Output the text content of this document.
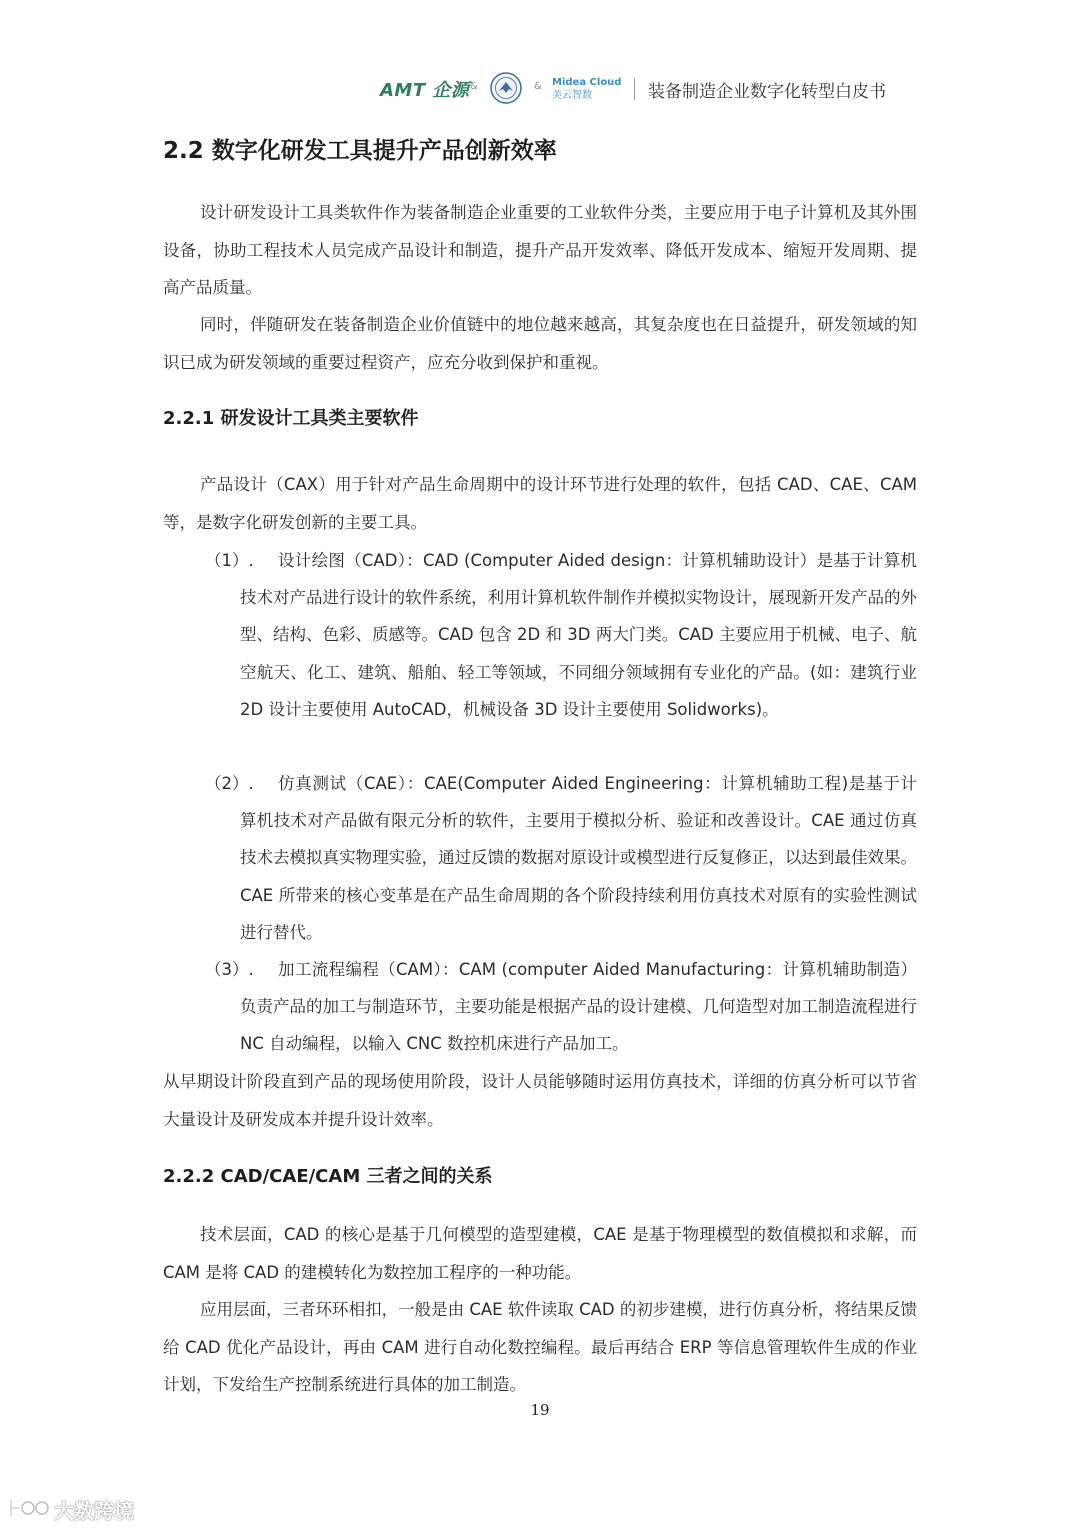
AMT 企源 &	& Midea Cloud
美云智数	装备制造企业数字化转型白皮书
2.2 数字化研发工具提升产品创新效率

设计研发设计工具类软件作为装备制造企业重要的工业软件分类，主要应用于电子计算机及其外围设备，协助工程技术人员完成产品设计和制造，提升产品开发效率、降低开发成本、缩短开发周期、提高产品质量。

同时，伴随研发在装备制造企业价值链中的地位越来越高，其复杂度也在日益提升，研发领域的知识已成为研发领域的重要过程资产，应充分收到保护和重视。

2.2.1 研发设计工具类主要软件

产品设计（CAX）用于针对产品生命周期中的设计环节进行处理的软件，包括 CAD、CAE、CAM 等，是数字化研发创新的主要工具。

（1）.	设计绘图（CAD）：CAD (Computer Aided design：计算机辅助设计）是基于计算机技术对产品进行设计的软件系统，利用计算机软件制作并模拟实物设计，展现新开发产品的外型、结构、色彩、质感等。CAD 包含 2D 和 3D 两大门类。CAD 主要应用于机械、电子、航空航天、化工、建筑、船舶、轻工等领域，不同细分领域拥有专业化的产品。(如：建筑行业 2D 设计主要使用 AutoCAD，机械设备 3D 设计主要使用 Solidworks)。
（2）.	仿真测试（CAE）：CAE(Computer Aided Engineering：计算机辅助工程)是基于计算机技术对产品做有限元分析的软件，主要用于模拟分析、验证和改善设计。CAE 通过仿真技术去模拟真实物理实验，通过反馈的数据对原设计或模型进行反复修正，以达到最佳效果。CAE 所带来的核心变革是在产品生命周期的各个阶段持续利用仿真技术对原有的实验性测试进行替代。
（3）.	加工流程编程（CAM）：CAM (computer Aided Manufacturing：计算机辅助制造）负责产品的加工与制造环节，主要功能是根据产品的设计建模、几何造型对加工制造流程进行 NC 自动编程，以输入 CNC 数控机床进行产品加工。

从早期设计阶段直到产品的现场使用阶段，设计人员能够随时运用仿真技术，详细的仿真分析可以节省大量设计及研发成本并提升设计效率。

2.2.2 CAD/CAE/CAM 三者之间的关系

技术层面，CAD 的核心是基于几何模型的造型建模，CAE 是基于物理模型的数值模拟和求解，而 CAM 是将 CAD 的建模转化为数控加工程序的一种功能。

应用层面，三者环环相扣，一般是由 CAE 软件读取 CAD 的初步建模，进行仿真分析，将结果反馈给 CAD 优化产品设计，再由 CAM 进行自动化数控编程。最后再结合 ERP 等信息管理软件生成的作业计划，下发给生产控制系统进行具体的加工制造。

19
大数跨境
